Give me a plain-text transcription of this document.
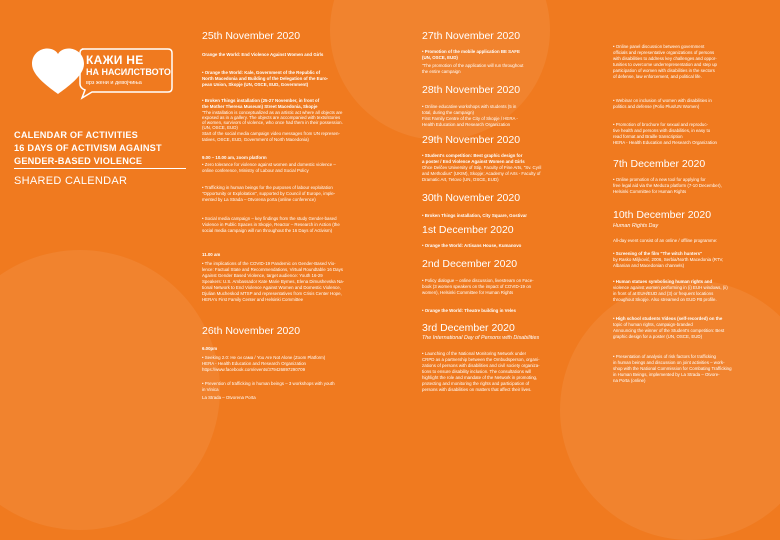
КАЖИ НЕ
НА НАСИЛСТВОТО
врз жени и девојчиња
CALENDAR OF ACTIVITIES
16 DAYS OF ACTIVISM AGAINST
GENDER-BASED VIOLENCE
SHARED CALENDAR
25th November 2020
Orange the World: End Violence Against Women and Girls
• Orange the World: Kale, Government of the Republic of
North Macedonia and Building of the Delegation of the Euro-
pean Union, Skopje (UN, OSCE, EUD, Government)
• Broken Things installation (25-27 November, in front of
the Mother Theresa Museum) Street Macedonia, Skopje
"The installation is conceptualized as an artistic act where all objects are
exposed as in a gallery. The objects are accompanied with texts/stories
of women, survivors of violence, who once had them in their possession.
(UN, OSCE, EUD)
Start of the social media campaign video messages from UN represen-
tatives, OSCE, EUD, Government of North Macedonia)
9.00 – 10.00 am, zoom platform
• Zero tolerance for violence against women and domestic violence –
online conference, Ministry of Labour and Social Policy
• Trafficking in human beings for the purposes of labour exploitation
"Opportunity or Exploitation", supported by Council of Europe, imple-
mented by La Strada – Otvorena porta (online conference)
• Social media campaign – key findings from the study Gender-based
Violence in Public Spaces in Skopje, Reactor – Research in Action (the
social media campaign will run throughout the 16 Days of Activism)
11.00 am
• The implications of the COVID-19 Pandemic on Gender-Based Vio-
lence: Factual State and Recommendations, Virtual Roundtable 16 Days
Against Gender Based Violence, target audience: Youth 16-29
Speakers: U.S. Ambassador Kate Marie Byrnes, Elena Dimushevska Na-
tional Network to End Violence Against Women and Domestic Violence,
Djulian Mucheskod MTSP and representatives from Crisis Center Hope,
HERA's First Family Center and Helsinki Committee
26th November 2020
6.00pm
• Seeking 2.0: Не си сама / You Are Not Alone (Zoom Platform)
HERA - Health Education and Research Organization
https://www.facebook.com/events/379426897290709
• Prevention of trafficking in human beings – 3 workshops with youth
in Vinica
La Strada – Otvorena Porta
27th November 2020
• Promotion of the mobile application BE SAFE
(UN, OSCE, EUD)
"The promotion of the application will run throughout
the entire campaign
28th November 2020
• Online educative workshops with students (5 in
total, during the campaign)
First Family Centre of the City of Skopje / HERA -
Health Education and Research Organization
29th November 2020
• Student's competition: Best graphic design for
a poster / End Violence Against Women and Girls
Ohce Delčev University of Stip, Faculty of Fine Arts, "Sv. Cyril
and Methodius" (UKIM), Skopje; Academy of Arts - Faculty of
Dramatic Art, Tetovo (UN, OSCE, EUD)
30th November 2020
• Broken Things installation, City Square, Gostivar
1st December 2020
• Orange the World: Artisans House, Kumanovo
2nd December 2020
• Policy dialogue – online discussion, livestream on Face-
book (3 women speakers on the impact of COVID-19 on
women), Helsinki Committee for Human Rights
• Orange the World: Theatre building in Veles
3rd December 2020
The International Day of Persons with Disabilities
• Launching of the National Monitoring Network under
CRPD as a partnership between the Ombudsperson, organi-
zations of persons with disabilities and civil society organiza-
tions to ensure disability inclusion. The consultations will
highlight the role and mandate of the Network in promoting,
protecting and monitoring the rights and participation of
persons with disabilities on matters that affect their lives.
• Online panel discussion between government
officials and representative organizations of persons
with disabilities to address key challenges and oppor-
tunities to overcome underrepresentation and step up
participation of women with disabilities in the sectors
of defense, law enforcement, and political life.
• Webinar on inclusion of women with disabilities in
politics and defense (Polio Plus/UN Women)
• Promotion of brochure for sexual and reproduc-
tive health and persons with disabilities, in easy to
read format and Braille transcription
HERA - Health Education and Research Organization
7th December 2020
• Online promotion of a new tool for applying for
free legal aid via the Meduza platform (7-10 December),
Helsinki Committee for Human Rights
10th December 2020
Human Rights Day
All-day event consist of an online / offline programme:
• Screening of the film "The witch hunters"
by Rasko Miljković, 2006, Serbia/North Macedonia (RTV,
Albanian and Macedonian channels)
• Human statues symbolising human rights and
violence against women performing in (i) EUH windows, (ii)
in front of at EUH/EUD and (3) or frequent locations
throughout Skopje. Also streamed on EUD FB profile.
• High school students Videos (self-recorded) on the
topic of human rights, campaign-branded
Announcing the winner of the Student's competition: Best
graphic design for a poster (UN, OSCE, EUD)
• Presentation of analysis of risk factors for trafficking
in human beings and discussion on joint activities – work-
shop with the National Commission for Combating Trafficking
in Human Beings, implemented by La Strada – Otvore-
na Porta (online)
